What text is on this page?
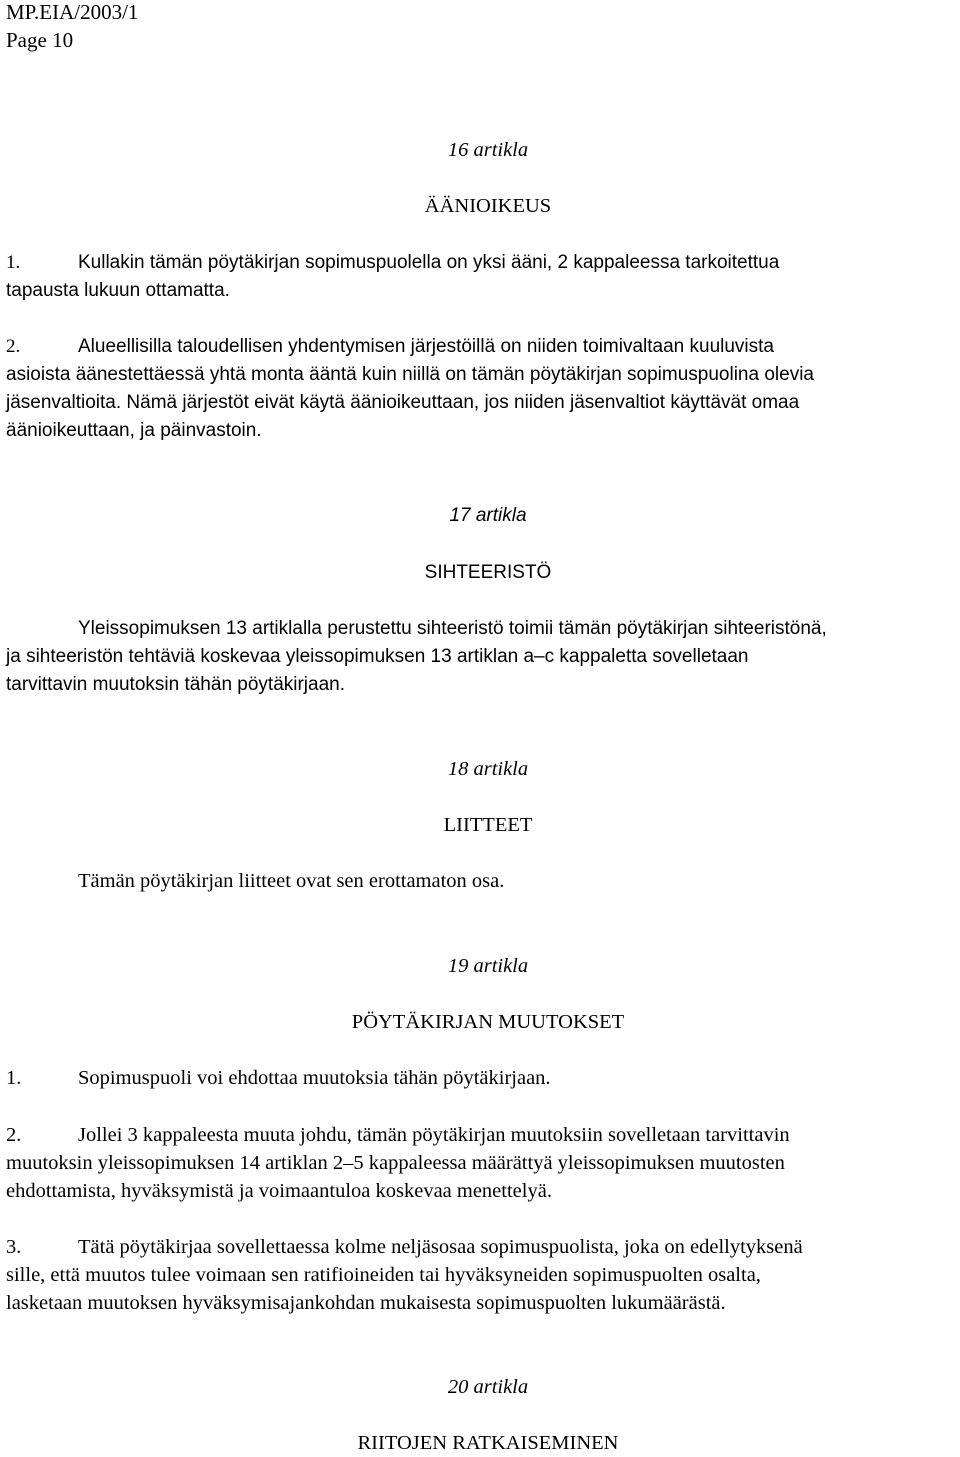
MP.EIA/2003/1
Page 10
16 artikla
ÄÄNIOIKEUS
1.	Kullakin tämän pöytäkirjan sopimuspuolella on yksi ääni, 2 kappaleessa tarkoitettua
tapausta lukuun ottamatta.
2.	Alueellisilla taloudellisen yhdentymisen järjestöillä on niiden toimivaltaan kuuluvista
asioista äänestettäessä yhtä monta ääntä kuin niillä on tämän pöytäkirjan sopimuspuolina olevia
jäsenvaltioita. Nämä järjestöt eivät käytä äänioikeuttaan, jos niiden jäsenvaltiot käyttävät omaa
äänioikeuttaan, ja päinvastoin.
17 artikla
SIHTEERISTÖ
Yleissopimuksen 13 artiklalla perustettu sihteeristö toimii tämän pöytäkirjan sihteeristönä,
ja sihteeristön tehtäviä koskevaa yleissopimuksen 13 artiklan a–c kappaletta sovelletaan
tarvittavin muutoksin tähän pöytäkirjaan.
18 artikla
LIITTEET
Tämän pöytäkirjan liitteet ovat sen erottamaton osa.
19 artikla
PÖYTÄKIRJAN MUUTOKSET
1.	Sopimuspuoli voi ehdottaa muutoksia tähän pöytäkirjaan.
2.	Jollei 3 kappaleesta muuta johdu, tämän pöytäkirjan muutoksiin sovelletaan tarvittavin
muutoksin yleissopimuksen 14 artiklan 2–5 kappaleessa määrättyä yleissopimuksen muutosten
ehdottamista, hyväksymistä ja voimaantuloa koskevaa menettelyä.
3.	Tätä pöytäkirjaa sovellettaessa kolme neljäsosaa sopimuspuolista, joka on edellytyksenä
sille, että muutos tulee voimaan sen ratifioineiden tai hyväksyneiden sopimuspuolten osalta,
lasketaan muutoksen hyväksymisajankohdan mukaisesta sopimuspuolten lukumäärästä.
20 artikla
RIITOJEN RATKAISEMINEN
